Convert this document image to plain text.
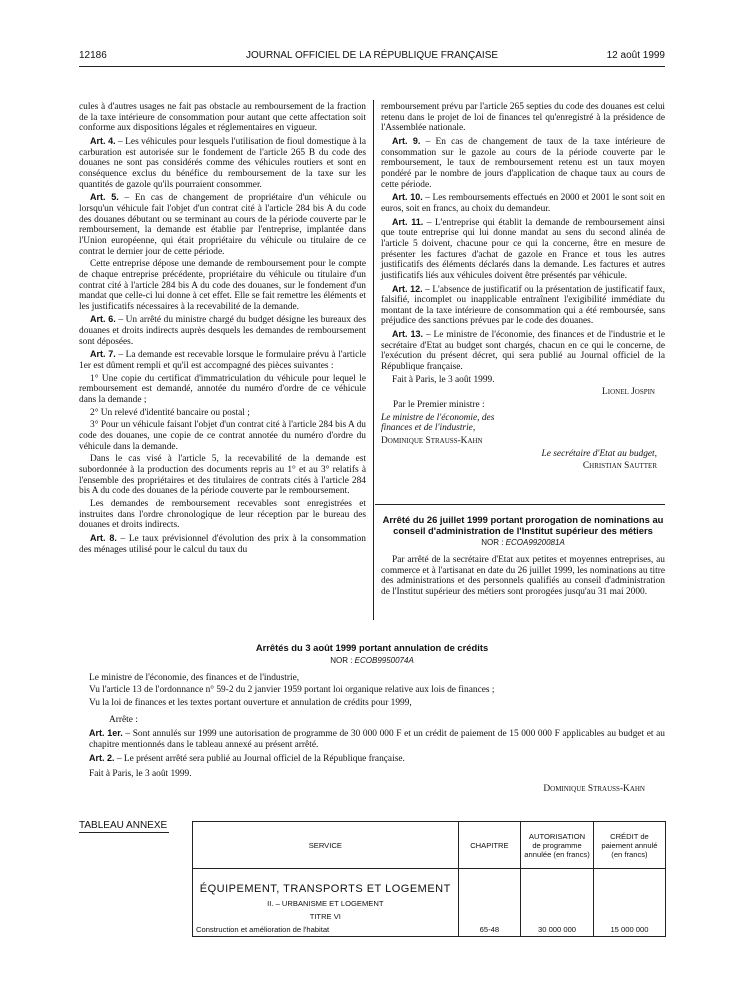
12186	JOURNAL OFFICIEL DE LA RÉPUBLIQUE FRANÇAISE	12 août 1999

cules à d'autres usages ne fait pas obstacle au remboursement de la fraction de la taxe intérieure de consommation pour autant que cette affectation soit conforme aux dispositions légales et réglementaires en vigueur.

Art. 4. – Les véhicules pour lesquels l'utilisation de fioul domestique à la carburation est autorisée sur le fondement de l'article 265 B du code des douanes ne sont pas considérés comme des véhicules routiers et sont en conséquence exclus du bénéfice du remboursement de la taxe sur les quantités de gazole qu'ils pourraient consommer.

Art. 5. – En cas de changement de propriétaire d'un véhicule ou lorsqu'un véhicule fait l'objet d'un contrat cité à l'article 284 bis A du code des douanes débutant ou se terminant au cours de la période couverte par le remboursement, la demande est établie par l'entreprise, implantée dans l'Union européenne, qui était propriétaire du véhicule ou titulaire de ce contrat le dernier jour de cette période.

Cette entreprise dépose une demande de remboursement pour le compte de chaque entreprise précédente, propriétaire du véhicule ou titulaire d'un contrat cité à l'article 284 bis A du code des douanes, sur le fondement d'un mandat que celle-ci lui donne à cet effet. Elle se fait remettre les éléments et les justificatifs nécessaires à la recevabilité de la demande.

Art. 6. – Un arrêté du ministre chargé du budget désigne les bureaux des douanes et droits indirects auprès desquels les demandes de remboursement sont déposées.

Art. 7. – La demande est recevable lorsque le formulaire prévu à l'article 1er est dûment rempli et qu'il est accompagné des pièces suivantes :

1° Une copie du certificat d'immatriculation du véhicule pour lequel le remboursement est demandé, annotée du numéro d'ordre de ce véhicule dans la demande ;

2° Un relevé d'identité bancaire ou postal ;

3° Pour un véhicule faisant l'objet d'un contrat cité à l'article 284 bis A du code des douanes, une copie de ce contrat annotée du numéro d'ordre du véhicule dans la demande.

Dans le cas visé à l'article 5, la recevabilité de la demande est subordonnée à la production des documents repris au 1° et au 3° relatifs à l'ensemble des propriétaires et des titulaires de contrats cités à l'article 284 bis A du code des douanes de la période couverte par le remboursement.

Les demandes de remboursement recevables sont enregistrées et instruites dans l'ordre chronologique de leur réception par le bureau des douanes et droits indirects.

Art. 8. – Le taux prévisionnel d'évolution des prix à la consommation des ménages utilisé pour le calcul du taux du

remboursement prévu par l'article 265 septies du code des douanes est celui retenu dans le projet de loi de finances tel qu'enregistré à la présidence de l'Assemblée nationale.

Art. 9. – En cas de changement de taux de la taxe intérieure de consommation sur le gazole au cours de la période couverte par le remboursement, le taux de remboursement retenu est un taux moyen pondéré par le nombre de jours d'application de chaque taux au cours de cette période.

Art. 10. – Les remboursements effectués en 2000 et 2001 le sont soit en euros, soit en francs, au choix du demandeur.

Art. 11. – L'entreprise qui établit la demande de remboursement ainsi que toute entreprise qui lui donne mandat au sens du second alinéa de l'article 5 doivent, chacune pour ce qui la concerne, être en mesure de présenter les factures d'achat de gazole en France et tous les autres justificatifs des éléments déclarés dans la demande. Les factures et autres justificatifs liés aux véhicules doivent être présentés par véhicule.

Art. 12. – L'absence de justificatif ou la présentation de justificatif faux, falsifié, incomplet ou inapplicable entraînent l'exigibilité immédiate du montant de la taxe intérieure de consommation qui a été remboursée, sans préjudice des sanctions prévues par le code des douanes.

Art. 13. – Le ministre de l'économie, des finances et de l'industrie et le secrétaire d'Etat au budget sont chargés, chacun en ce qui le concerne, de l'exécution du présent décret, qui sera publié au Journal officiel de la République française.

Fait à Paris, le 3 août 1999.

Lionel Jospin

Par le Premier ministre :

Le ministre de l'économie, des finances et de l'industrie,

Dominique Strauss-Kahn

Le secrétaire d'Etat au budget,

Christian Sautter

Arrêté du 26 juillet 1999 portant prorogation de nominations au conseil d'administration de l'Institut supérieur des métiers
NOR : ECOA9920081A

Par arrêté de la secrétaire d'Etat aux petites et moyennes entreprises, au commerce et à l'artisanat en date du 26 juillet 1999, les nominations au titre des administrations et des personnels qualifiés au conseil d'administration de l'Institut supérieur des métiers sont prorogées jusqu'au 31 mai 2000.

Arrêtés du 3 août 1999 portant annulation de crédits
NOR : ECOB9950074A

Le ministre de l'économie, des finances et de l'industrie,

Vu l'article 13 de l'ordonnance n° 59-2 du 2 janvier 1959 portant loi organique relative aux lois de finances ;

Vu la loi de finances et les textes portant ouverture et annulation de crédits pour 1999,

Arrête :

Art. 1er. – Sont annulés sur 1999 une autorisation de programme de 30 000 000 F et un crédit de paiement de 15 000 000 F applicables au budget et au chapitre mentionnés dans le tableau annexé au présent arrêté.

Art. 2. – Le présent arrêté sera publié au Journal officiel de la République française.

Fait à Paris, le 3 août 1999.

Dominique Strauss-Kahn

TABLEAU ANNEXE
SERVICE	CHAPITRE	AUTORISATION de programme annulée (en francs)	CRÉDIT de paiement annulé (en francs)

ÉQUIPEMENT, TRANSPORTS ET LOGEMENT
II. – URBANISME ET LOGEMENT
TITRE VI			

Construction et amélioration de l'habitat	65-48	30 000 000	15 000 000
